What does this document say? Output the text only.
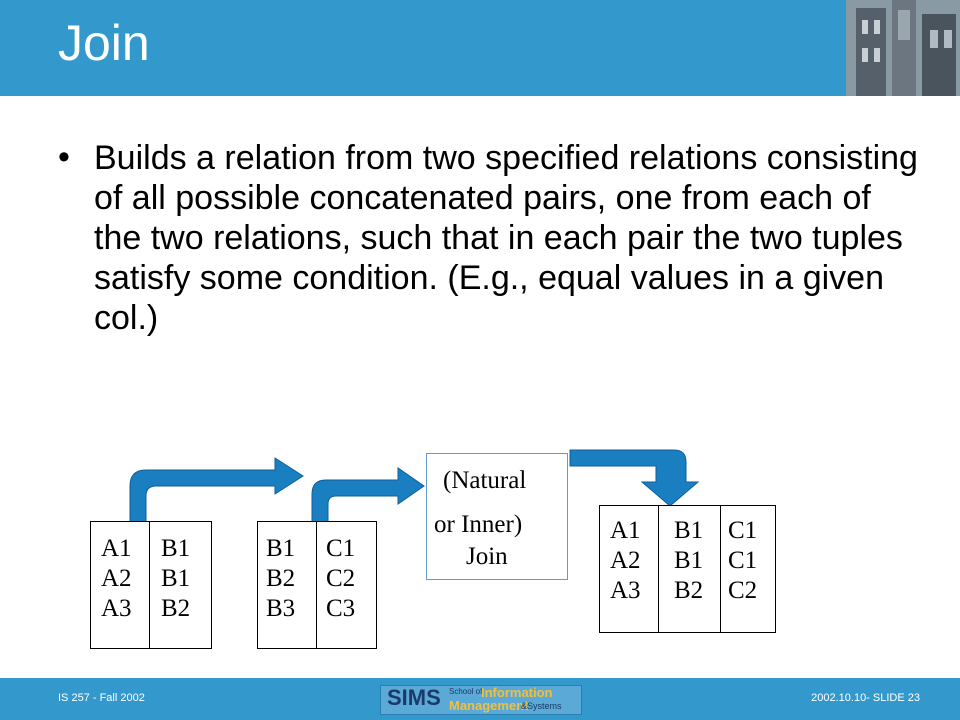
Join
• Builds a relation from two specified relations consisting of all possible concatenated pairs, one from each of the two relations, such that in each pair the two tuples satisfy some condition. (E.g., equal values in a given col.)
A1
A2
A3
B1
B1
B2
B1
B2
B3
C1
C2
C3
(Natural
or Inner)
Join
A1
A2
A3
B1
B1
B2
C1
C1
C2
IS 257 - Fall 2002	SIMS School of
Information
Management
&Systems
2002.10.10- SLIDE 23
